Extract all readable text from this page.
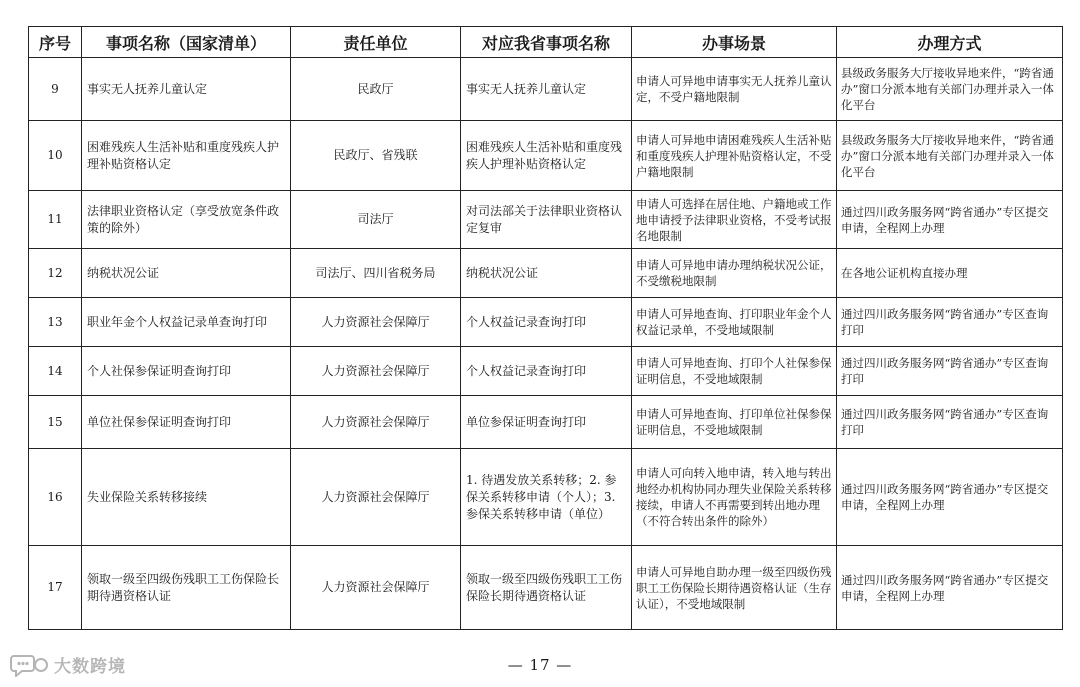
序号	事项名称（国家清单）	责任单位	对应我省事项名称	办事场景	办理方式
9	事实无人抚养儿童认定	民政厅	事实无人抚养儿童认定	申请人可异地申请事实无人抚养儿童认定，不受户籍地限制	县级政务服务大厅接收异地来件，“跨省通办”窗口分派本地有关部门办理并录入一体化平台
10	困难残疾人生活补贴和重度残疾人护理补贴资格认定	民政厅、省残联	困难残疾人生活补贴和重度残疾人护理补贴资格认定	申请人可异地申请困难残疾人生活补贴和重度残疾人护理补贴资格认定，不受户籍地限制	县级政务服务大厅接收异地来件，“跨省通办”窗口分派本地有关部门办理并录入一体化平台
11	法律职业资格认定（享受放宽条件政策的除外）	司法厅	对司法部关于法律职业资格认定复审	申请人可选择在居住地、户籍地或工作地申请授予法律职业资格，不受考试报名地限制	通过四川政务服务网“跨省通办”专区提交申请，全程网上办理
12	纳税状况公证	司法厅、四川省税务局	纳税状况公证	申请人可异地申请办理纳税状况公证，不受缴税地限制	在各地公证机构直接办理
13	职业年金个人权益记录单查询打印	人力资源社会保障厅	个人权益记录查询打印	申请人可异地查询、打印职业年金个人权益记录单，不受地域限制	通过四川政务服务网“跨省通办”专区查询打印
14	个人社保参保证明查询打印	人力资源社会保障厅	个人权益记录查询打印	申请人可异地查询、打印个人社保参保证明信息，不受地域限制	通过四川政务服务网“跨省通办”专区查询打印
15	单位社保参保证明查询打印	人力资源社会保障厅	单位参保证明查询打印	申请人可异地查询、打印单位社保参保证明信息，不受地域限制	通过四川政务服务网“跨省通办”专区查询打印
16	失业保险关系转移接续	人力资源社会保障厅	1. 待遇发放关系转移；2. 参保关系转移申请（个人）；3. 参保关系转移申请（单位）	申请人可向转入地申请，转入地与转出地经办机构协同办理失业保险关系转移接续，申请人不再需要到转出地办理（不符合转出条件的除外）	通过四川政务服务网“跨省通办”专区提交申请，全程网上办理
17	领取一级至四级伤残职工工伤保险长期待遇资格认证	人力资源社会保障厅	领取一级至四级伤残职工工伤保险长期待遇资格认证	申请人可异地自助办理一级至四级伤残职工工伤保险长期待遇资格认证（生存认证），不受地域限制	通过四川政务服务网“跨省通办”专区提交申请，全程网上办理
大数跨境	— 17 —
